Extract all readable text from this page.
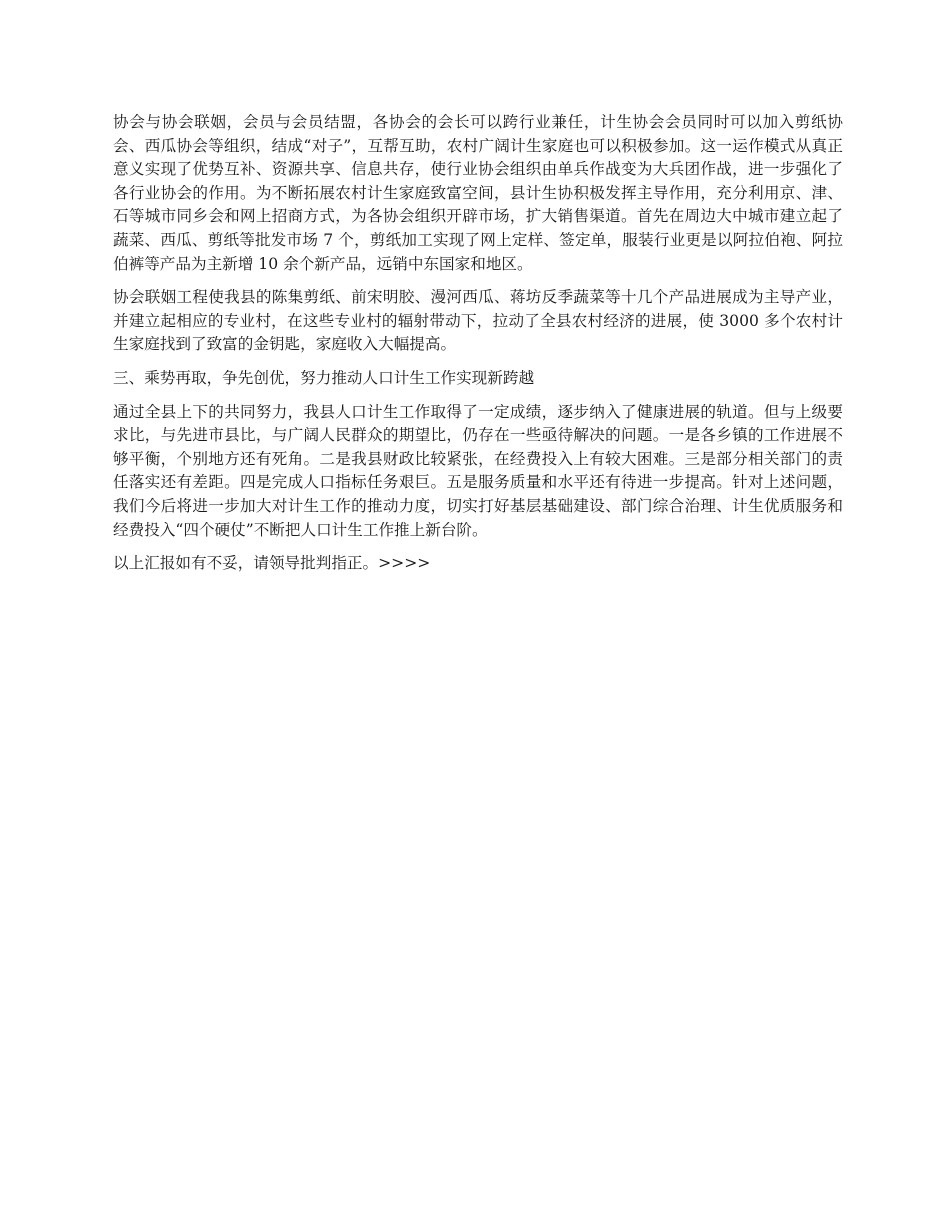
协会与协会联姻，会员与会员结盟，各协会的会长可以跨行业兼任，计生协会会员同时可以加入剪纸协会、西瓜协会等组织，结成“对子”，互帮互助，农村广阔计生家庭也可以积极参加。这一运作模式从真正意义实现了优势互补、资源共享、信息共存，使行业协会组织由单兵作战变为大兵团作战，进一步强化了各行业协会的作用。为不断拓展农村计生家庭致富空间，县计生协积极发挥主导作用，充分利用京、津、石等城市同乡会和网上招商方式，为各协会组织开辟市场，扩大销售渠道。首先在周边大中城市建立起了蔬菜、西瓜、剪纸等批发市场 7 个，剪纸加工实现了网上定样、签定单，服装行业更是以阿拉伯袍、阿拉伯裤等产品为主新增 10 余个新产品，远销中东国家和地区。

协会联姻工程使我县的陈集剪纸、前宋明胶、漫河西瓜、蒋坊反季蔬菜等十几个产品进展成为主导产业，并建立起相应的专业村，在这些专业村的辐射带动下，拉动了全县农村经济的进展，使 3000 多个农村计生家庭找到了致富的金钥匙，家庭收入大幅提高。

三、乘势再取，争先创优，努力推动人口计生工作实现新跨越

通过全县上下的共同努力，我县人口计生工作取得了一定成绩，逐步纳入了健康进展的轨道。但与上级要求比，与先进市县比，与广阔人民群众的期望比，仍存在一些亟待解决的问题。一是各乡镇的工作进展不够平衡，个别地方还有死角。二是我县财政比较紧张，在经费投入上有较大困难。三是部分相关部门的责任落实还有差距。四是完成人口指标任务艰巨。五是服务质量和水平还有待进一步提高。针对上述问题，我们今后将进一步加大对计生工作的推动力度，切实打好基层基础建设、部门综合治理、计生优质服务和经费投入“四个硬仗”不断把人口计生工作推上新台阶。

以上汇报如有不妥，请领导批判指正。>>>>
